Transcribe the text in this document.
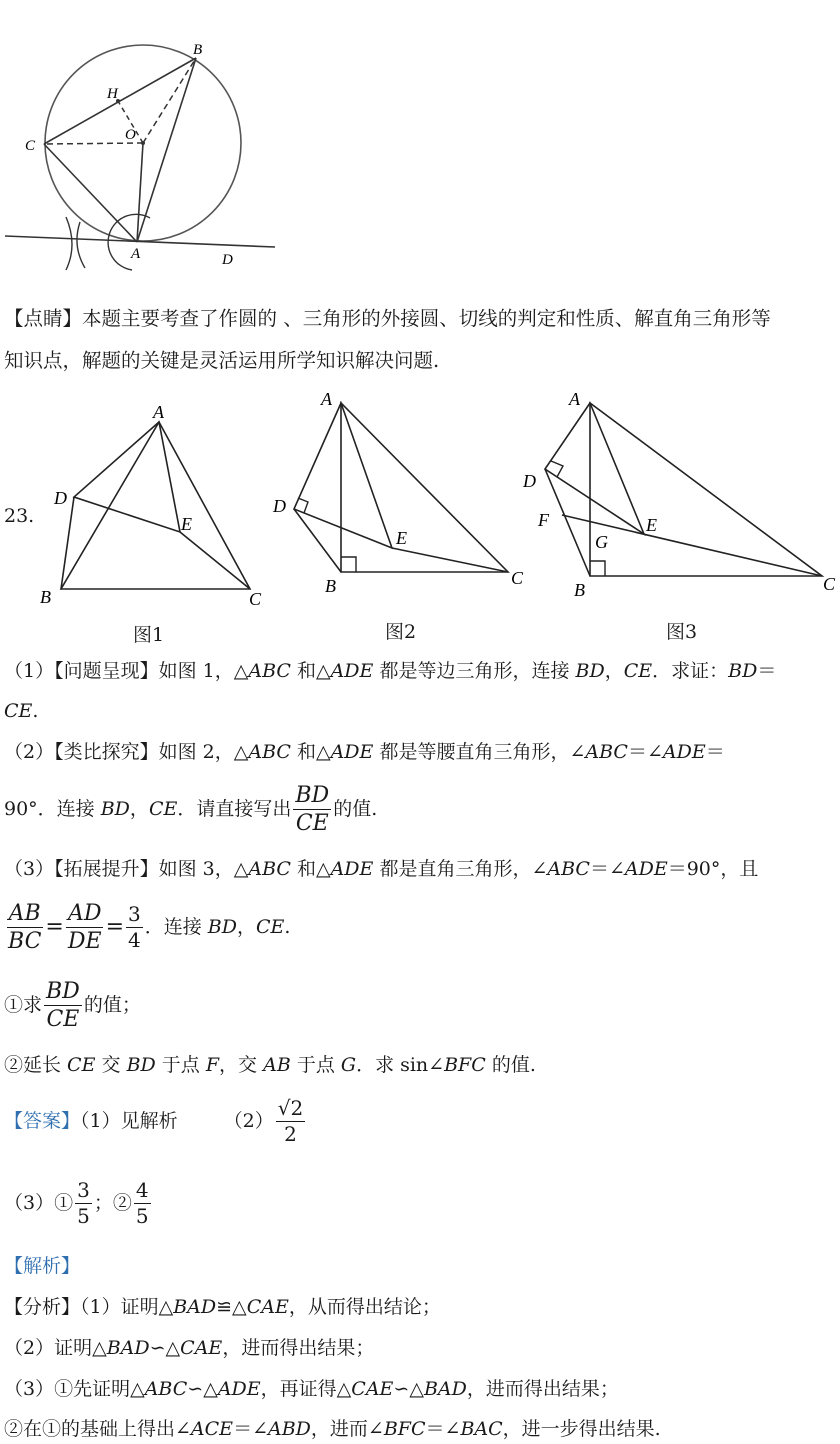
B
H
O
C
A	D
【点睛】本题主要考查了作圆的 、三角形的外接圆、切线的判定和性质、解直角三角形等
知识点，解题的关键是灵活运用所学知识解决问题.
23.
A
D
E
B	C
图1
A
D
E
B	C
图2
A
D
F	E
G
B	C
图3
（1）【问题呈现】如图 1，△ABC 和△ADE 都是等边三角形，连接 BD，CE．求证：BD＝
CE.
（2）【类比探究】如图 2，△ABC 和△ADE 都是等腰直角三角形，∠ABC＝∠ADE＝
90°．连接 BD，CE．请直接写出 $\frac{BD}{CE}$ 的值.
（3）【拓展提升】如图 3，△ABC 和△ADE 都是直角三角形，∠ABC＝∠ADE＝90°，且
$\frac{AB}{BC} = \frac{AD}{DE} = \frac{3}{4}$ ．连接 BD，CE.
①求 $\frac{BD}{CE}$ 的值；
②延长 CE 交 BD 于点 F，交 AB 于点 G．求 sin∠BFC 的值.
【答案】（1）见解析 $(2) \frac{√2}{2}$
（3）① $\frac{3}{5}$ ；② $\frac{4}{5}$
【解析】
【分析】（1）证明△BAD≌△CAE，从而得出结论；
（2）证明△BAD∽△CAE，进而得出结果；
（3）①先证明△ABC∽△ADE，再证得△CAE∽△BAD，进而得出结果；
②在①的基础上得出∠ACE＝∠ABD，进而∠BFC＝∠BAC，进一步得出结果.
